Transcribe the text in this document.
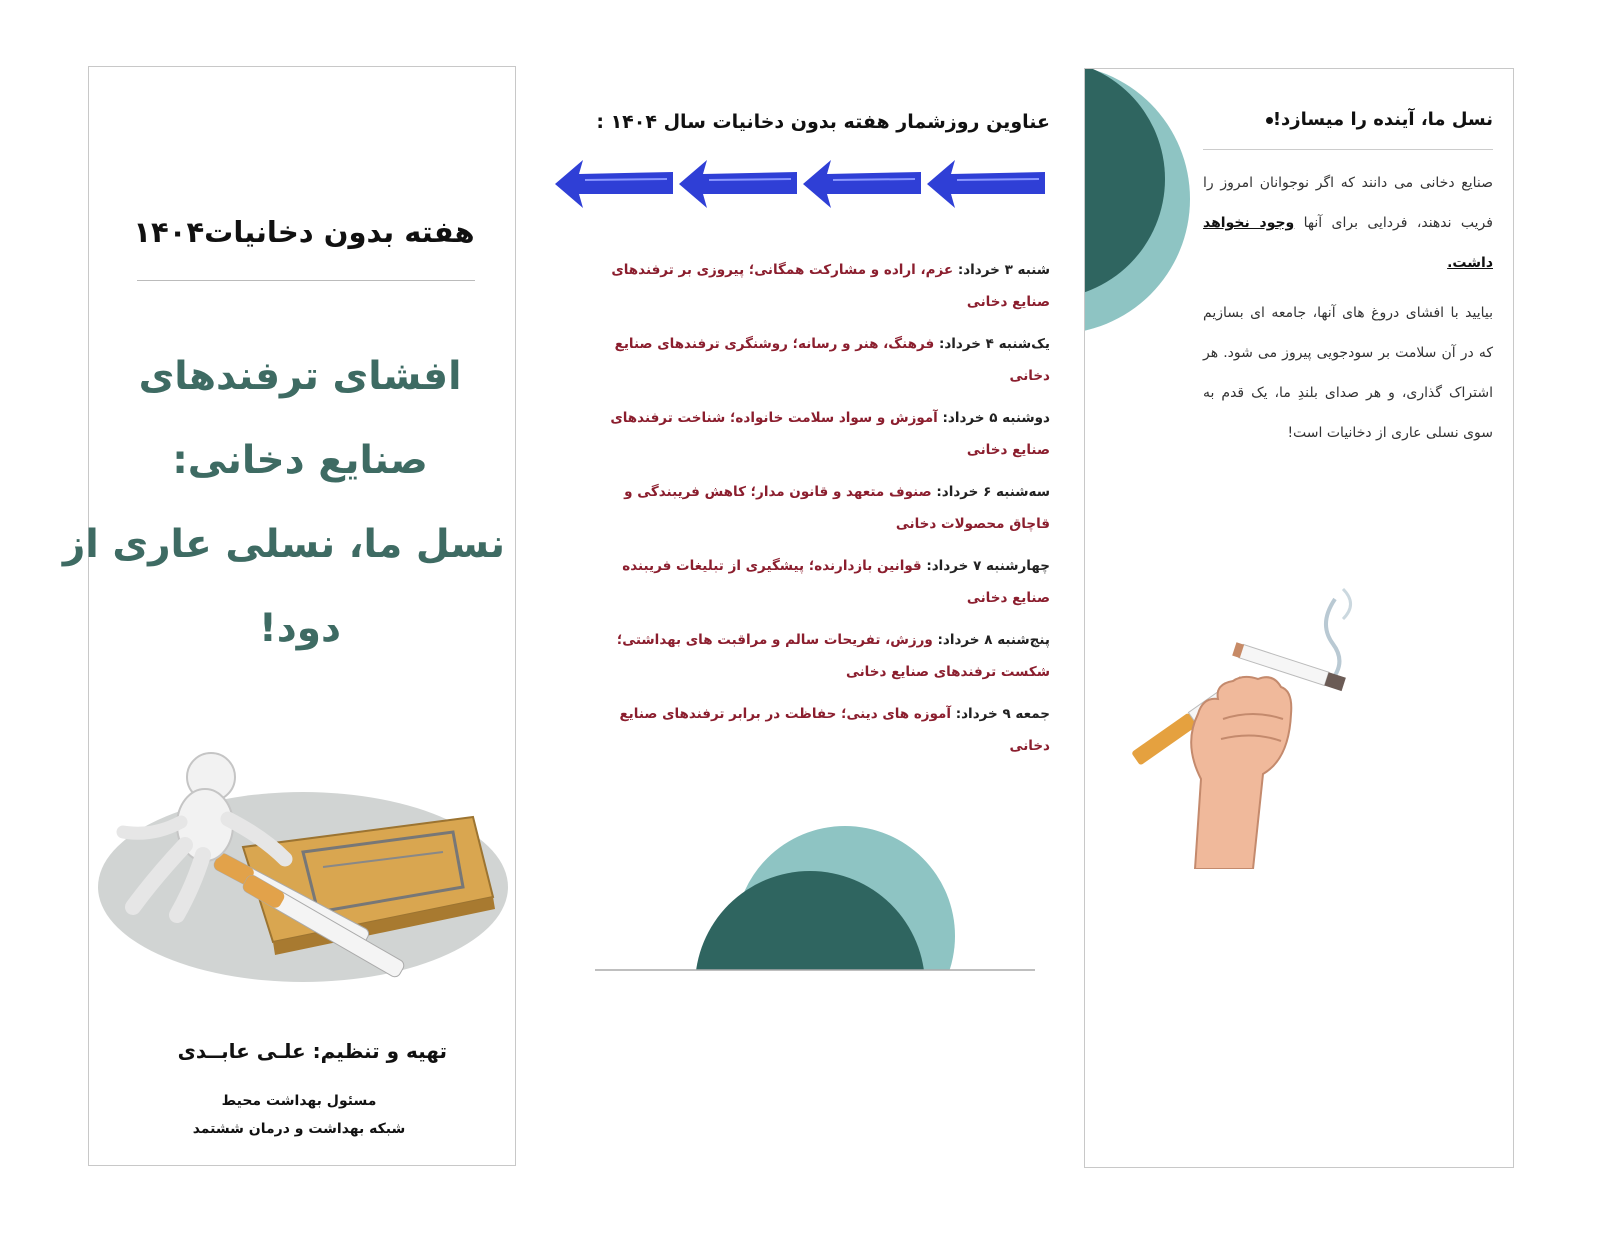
هفته بدون دخانیات۱۴۰۴
افشای ترفندهای
صنایع دخانی:
نسل ما، نسلی عاری از
دود!
تهیه و تنظیم: علـی عابــدی
مسئول بهداشت محیط
شبکه بهداشت و درمان ششتمد
عناوین روزشمار هفته بدون دخانیات سال ۱۴۰۴ :
شنبه ۳ خرداد: عزم، اراده و مشارکت همگانی؛ پیروزی بر ترفندهای صنایع دخانی
یک‌شنبه ۴ خرداد: فرهنگ، هنر و رسانه؛ روشنگری ترفندهای صنایع دخانی
دوشنبه ۵ خرداد: آموزش و سواد سلامت خانواده؛ شناخت ترفندهای صنایع دخانی
سه‌شنبه ۶ خرداد: صنوف متعهد و قانون مدار؛ کاهش فریبندگی و قاچاق محصولات دخانی
چهارشنبه ۷ خرداد: قوانین بازدارنده؛ پیشگیری از تبلیغات فریبنده صنایع دخانی
پنج‌شنبه ۸ خرداد: ورزش، تفریحات سالم و مراقبت های بهداشتی؛ شکست ترفندهای صنایع دخانی
جمعه ۹ خرداد: آموزه های دینی؛ حفاظت در برابر ترفندهای صنایع دخانی
نسل ما، آینده را میسازد!
صنایع دخانی می دانند که اگر نوجوانان امروز را فریب ندهند، فردایی برای آنها وجود نخواهد داشت.
بیایید با افشای دروغ های آنها، جامعه ای بسازیم که در آن سلامت بر سودجویی پیروز می شود. هر اشتراک گذاری، و هر صدای بلندِ ما، یک قدم به سوی نسلی عاری از دخانیات است!
